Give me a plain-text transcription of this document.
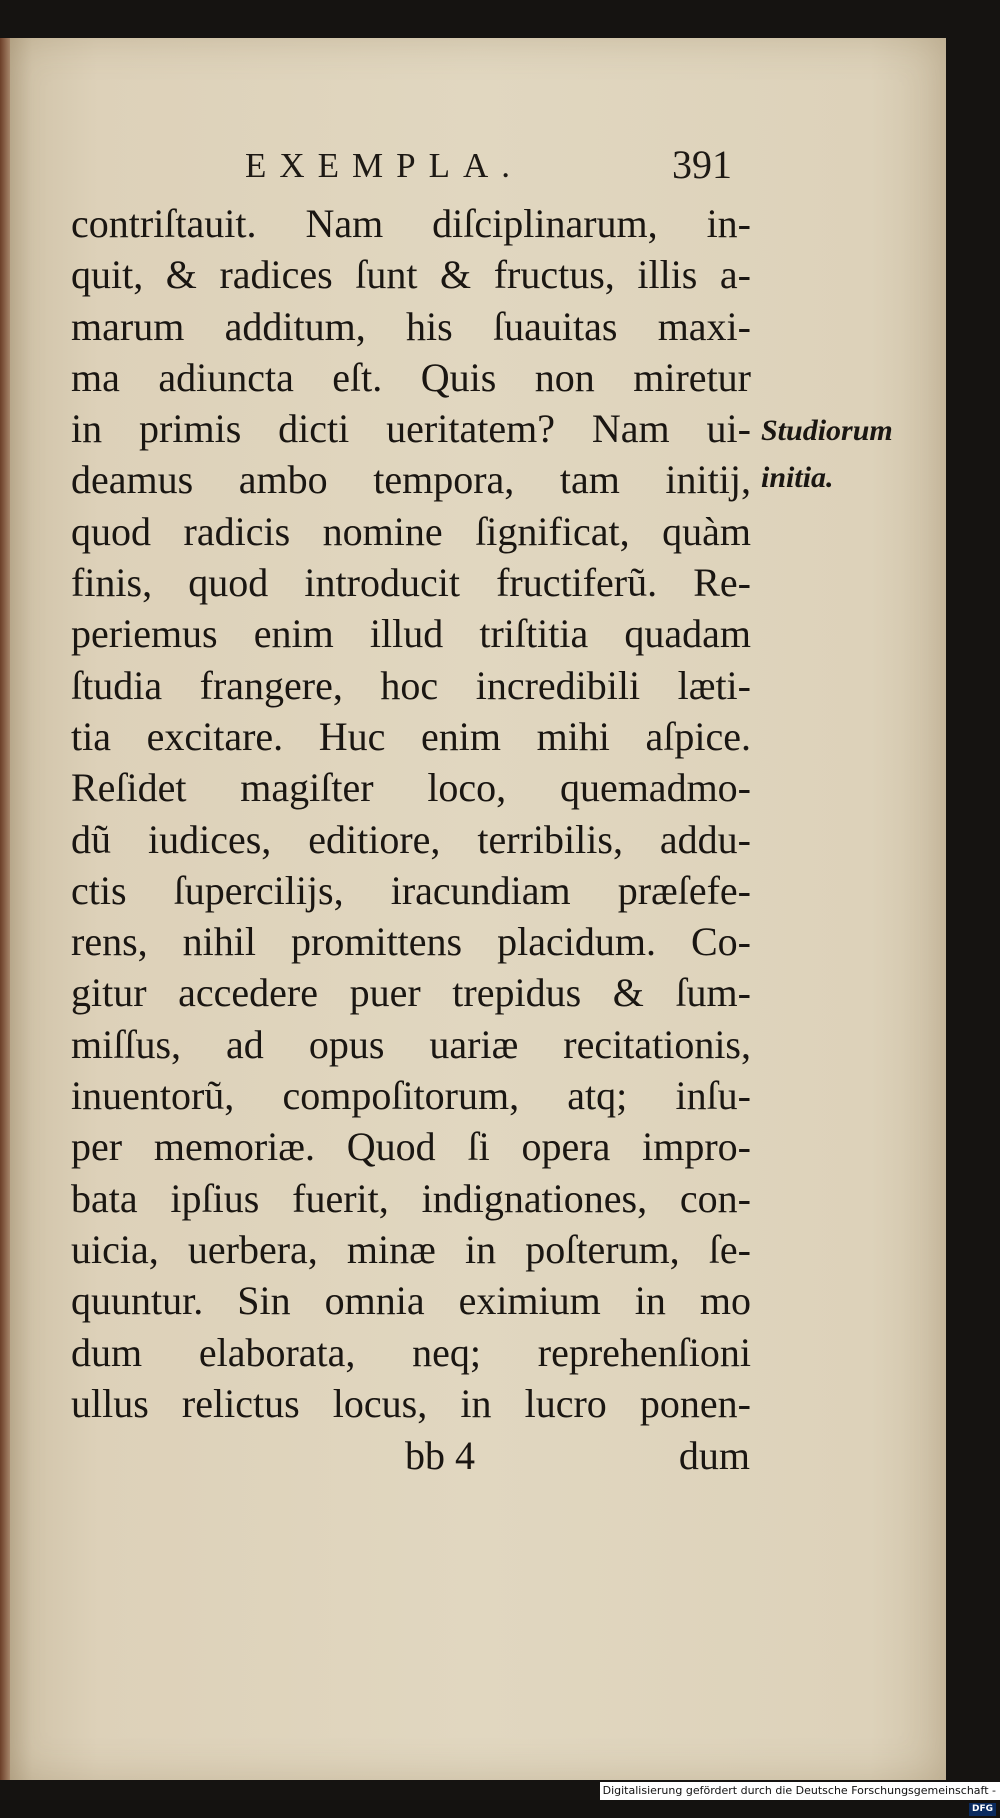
EXEMPLA.	391
contriſtauit. Nam diſciplinarum, in-
quit, & radices ſunt & fructus, illis a-
marum additum, his ſuauitas maxi-
ma adiuncta eſt. Quis non miretur
in primis dicti ueritatem? Nam ui-
deamus ambo tempora, tam initij,
quod radicis nomine ſignificat, quàm
finis, quod introducit fructiferũ. Re-
periemus enim illud triſtitia quadam
ſtudia frangere, hoc incredibili læti-
tia excitare. Huc enim mihi aſpice.
Reſidet magiſter loco, quemadmo-
dũ iudices, editiore, terribilis, addu-
ctis ſupercilijs, iracundiam præſefe-
rens, nihil promittens placidum. Co-
gitur accedere puer trepidus & ſum-
miſſus, ad opus uariæ recitationis,
inuentorũ, compoſitorum, atq; inſu-
per memoriæ. Quod ſi opera impro-
bata ipſius fuerit, indignationes, con-
uicia, uerbera, minæ in poſterum, ſe-
quuntur. Sin omnia eximium in mo
dum elaborata, neq; reprehenſioni
ullus relictus locus, in lucro ponen-
Studiorum
initia.
bb 4	dum
Digitalisierung gefördert durch die Deutsche Forschungsgemeinschaft -DFG
